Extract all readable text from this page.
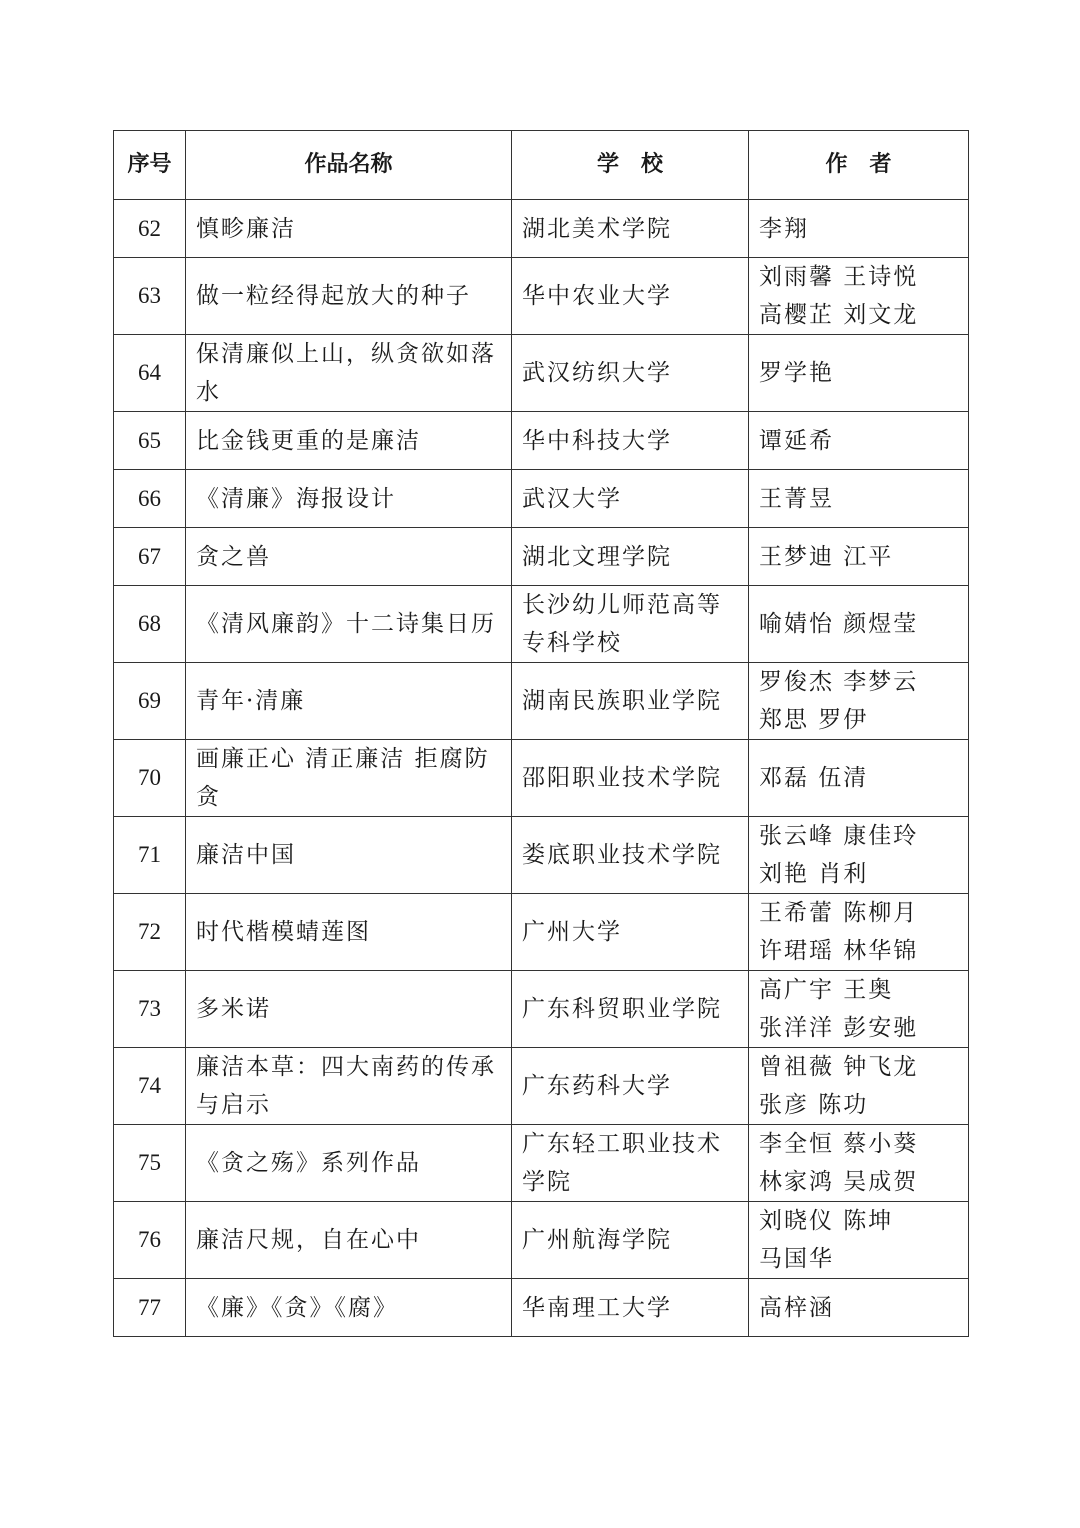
序号	作品名称	学　校	作　者
62	慎畛廉洁	湖北美术学院	李翔

63	做一粒经得起放大的种子	华中农业大学	刘雨馨 王诗悦
高樱芷 刘文龙

64	保清廉似上山，纵贪欲如落
水	武汉纺织大学	罗学艳

65	比金钱更重的是廉洁	华中科技大学	谭延希

66	《清廉》海报设计	武汉大学	王菁昱

67	贪之兽	湖北文理学院	王梦迪 江平

68	《清风廉韵》十二诗集日历	长沙幼儿师范高等
专科学校	喻婧怡 颜煜莹

69	青年·清廉	湖南民族职业学院	罗俊杰 李梦云
郑思 罗伊

70	画廉正心 清正廉洁 拒腐防
贪	邵阳职业技术学院	邓磊 伍清

71	廉洁中国	娄底职业技术学院	张云峰 康佳玲
刘艳 肖利

72	时代楷模蜻莲图	广州大学	王希蕾 陈柳月
许珺瑶 林华锦

73	多米诺	广东科贸职业学院	高广宇 王奥
张洋洋 彭安驰

74	廉洁本草：四大南药的传承
与启示	广东药科大学	曾祖薇 钟飞龙
张彦 陈功

75	《贪之殇》系列作品	广东轻工职业技术
学院	李全恒 蔡小葵
林家鸿 吴成贺

76	廉洁尺规，自在心中	广州航海学院	刘晓仪 陈坤
马国华

77	《廉》《贪》《腐》	华南理工大学	高梓涵
